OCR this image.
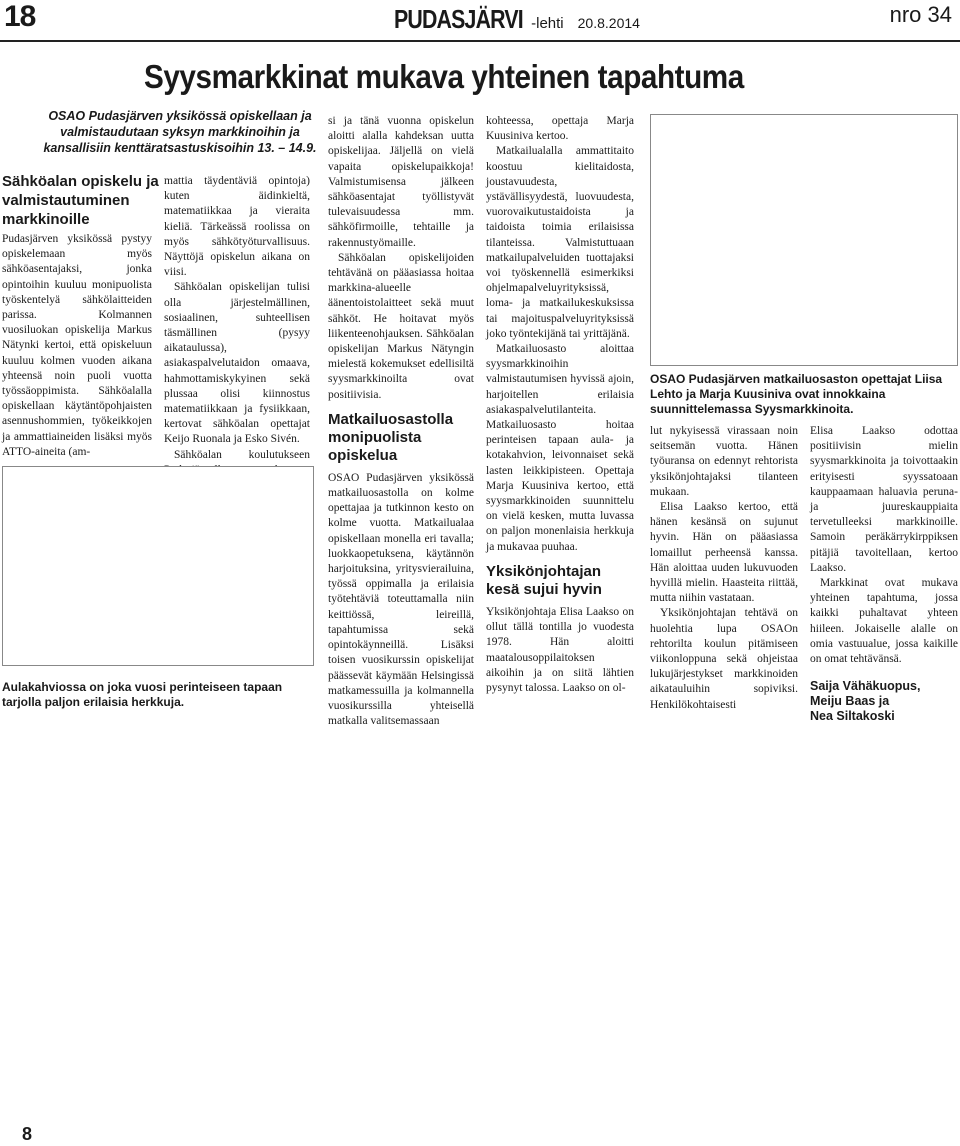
18	PUDASJÄRVI -lehti 20.8.2014	nro 34
Syysmarkkinat mukava yhteinen tapahtuma
OSAO Pudasjärven yksikössä opiskellaan ja valmistaudutaan syksyn markkinoihin ja kansallisiin kenttäratsastuskisoihin 13. – 14.9.
Sähköalan opiskelu ja valmistautuminen markkinoille

Pudasjärven yksikössä pystyy opiskelemaan myös sähköasentajaksi, jonka opintoihin kuuluu monipuolista työskentelyä sähkölaitteiden parissa. Kolmannen vuosiluokan opiskelija Markus Nätynki kertoi, että opiskeluun kuuluu kolmen vuoden aikana yhteensä noin puoli vuotta työssäoppimista. Sähköalalla opiskellaan käytäntöpohjaisten asennushommien, työkeikkojen ja ammattiaineiden lisäksi myös ATTO-aineita (am-

mattia täydentäviä opintoja) kuten äidinkieltä, matematiikkaa ja vieraita kieliä. Tärkeässä roolissa on myös sähkötyöturvallisuus. Näyttöjä opiskelun aikana on viisi.

Sähköalan opiskelijan tulisi olla järjestelmällinen, sosiaalinen, suhteellisen täsmällinen (pysyy aikataulussa), asiakaspalvelutaidon omaava, hahmottamiskykyinen sekä plussaa olisi kiinnostus matematiikkaan ja fysiikkaan, kertovat sähköalan opettajat Keijo Ruonala ja Esko Sivén.

Sähköalan koulutukseen

Aulakahviossa on joka vuosi perinteiseen tapaan tarjolla paljon erilaisia herkkuja.

si ja tänä vuonna opiskelun aloitti alalla kahdeksan uutta opiskelijaa. Jäljellä on vielä vapaita opiskelupaikkoja! Valmistumisensa jälkeen sähköasentajat työllistyvät tulevaisuudessa mm. sähköfirmoille, tehtaille ja rakennustyömaille.

Sähköalan opiskelijoiden tehtävänä on pääasiassa hoitaa markkina-alueelle äänentoistolaitteet sekä muut sähköt. He hoitavat myös liikenteenohjauksen. Sähköalan opiskelijan Markus Nätyngin mielestä kokemukset edellisiltä syysmarkkinoilta ovat positiivisia.

Matkailuosastolla monipuolista opiskelua

OSAO Pudasjärven yksikössä matkailuosastolla on kolme opettajaa ja tutkinnon kesto on kolme vuotta. Matkailualaa opiskellaan monella eri tavalla; luokkaopetuksena, käytännön harjoituksina, yritysvierailuina, työssä oppimalla ja erilaisia työtehtäviä toteuttamalla niin keittiössä, leireillä, tapahtumissa sekä opintokäynneillä. Lisäksi toisen vuosikurssin opiskelijat päässevät käymään Helsingissä matkamessuilla ja kolmannella vuosikurssilla yhteisellä matkalla valitsemassaan

kohteessa, opettaja Marja Kuusiniva kertoo.

Matkailualalla ammattitaito koostuu kielitaidosta, joustavuudesta, ystävällisyydestä, luovuudesta, vuorovaikutustaidoista ja taidoista toimia erilaisissa tilanteissa. Valmistuttuaan matkailupalveluiden tuottajaksi voi työskennellä esimerkiksi ohjelmapalveluyrityksissä, loma- ja matkailukeskuksissa tai majoituspalveluyrityksissä joko työntekijänä tai yrittäjänä.

Matkailuosasto aloittaa syysmarkkinoihin valmistautumisen hyvissä ajoin, harjoitellen erilaisia asiakaspalvelutilanteita. Matkailuosasto hoitaa perinteisen tapaan aula- ja kotakahvion, leivonnaiset sekä lasten leikkipisteen. Opettaja Marja Kuusiniva kertoo, että syysmarkkinoiden suunnittelu on vielä kesken, mutta luvassa on paljon monenlaisia herkkuja ja mukavaa puuhaa.

Yksikönjohtajan kesä sujui hyvin

Yksikönjohtaja Elisa Laakso on ollut tällä tontilla jo vuodesta 1978. Hän aloitti maatalousoppilaitoksen aikoihin ja on siitä lähtien pysynyt talossa. Laakso on ol-

OSAO Pudasjärven matkailuosaston opettajat Liisa Lehto ja Marja Kuusiniva ovat innokkaina suunnittelemassa Syysmarkkinoita.

lut nykyisessä virassaan noin seitsemän vuotta. Hänen työuransa on edennyt rehtorista yksikönjohtajaksi tilanteen mukaan.

Elisa Laakso kertoo, että hänen kesänsä on sujunut hyvin. Hän on pääasiassa lomaillut perheensä kanssa. Hän aloittaa uuden lukuvuoden hyvillä mielin. Haasteita riittää, mutta niihin vastataan.

Yksikönjohtajan tehtävä on huolehtia lupa OSAOn rehtorilta koulun pitämiseen viikonloppuna sekä ohjeistaa lukujärjestykset markkinoiden aikatauluihin sopiviksi. Henkilökohtaisesti

Elisa Laakso odottaa positiivisin mielin syysmarkkinoita ja toivottaakin erityisesti syyssatoaan kauppaamaan haluavia peruna- ja juureskauppiaita tervetulleeksi markkinoille. Samoin peräkärrykirppiksen pitäjiä tavoitellaan, kertoo Laakso.

Markkinat ovat mukava yhteinen tapahtuma, jossa kaikki puhaltavat yhteen hiileen. Jokaiselle alalle on omia vastuualue, jossa kaikille on omat tehtävänsä.

Saija Vähäkuopus,
Meiju Baas ja
Nea Siltakoski
8
